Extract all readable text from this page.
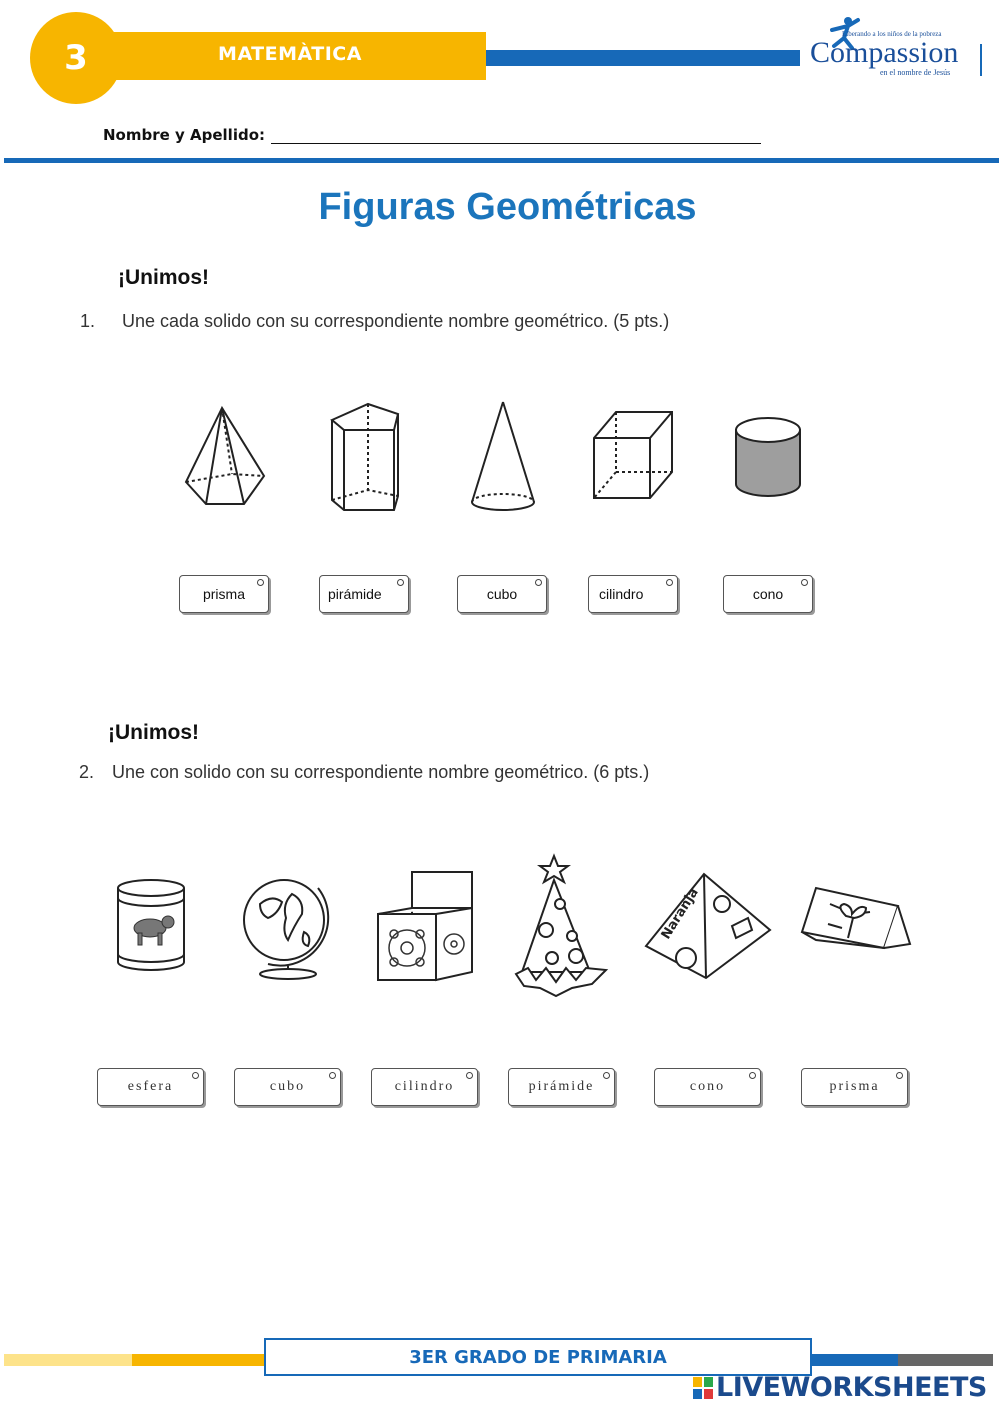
3	MATEMÀTICA
Liberando a los niños de la pobreza
Compassion
en el nombre de Jesús
Nombre y Apellido:
Figuras Geométricas
¡Unimos!
1. Une cada solido con su correspondiente nombre geométrico. (5 pts.)
prisma	pirámide	cubo	cilindro	cono
¡Unimos!
2. Une con solido con su correspondiente nombre geométrico. (6 pts.)
Naranja
esfera	cubo	cilindro	pirámide	cono	prisma
3ER GRADO DE PRIMARIA
LIVEWORKSHEETS
